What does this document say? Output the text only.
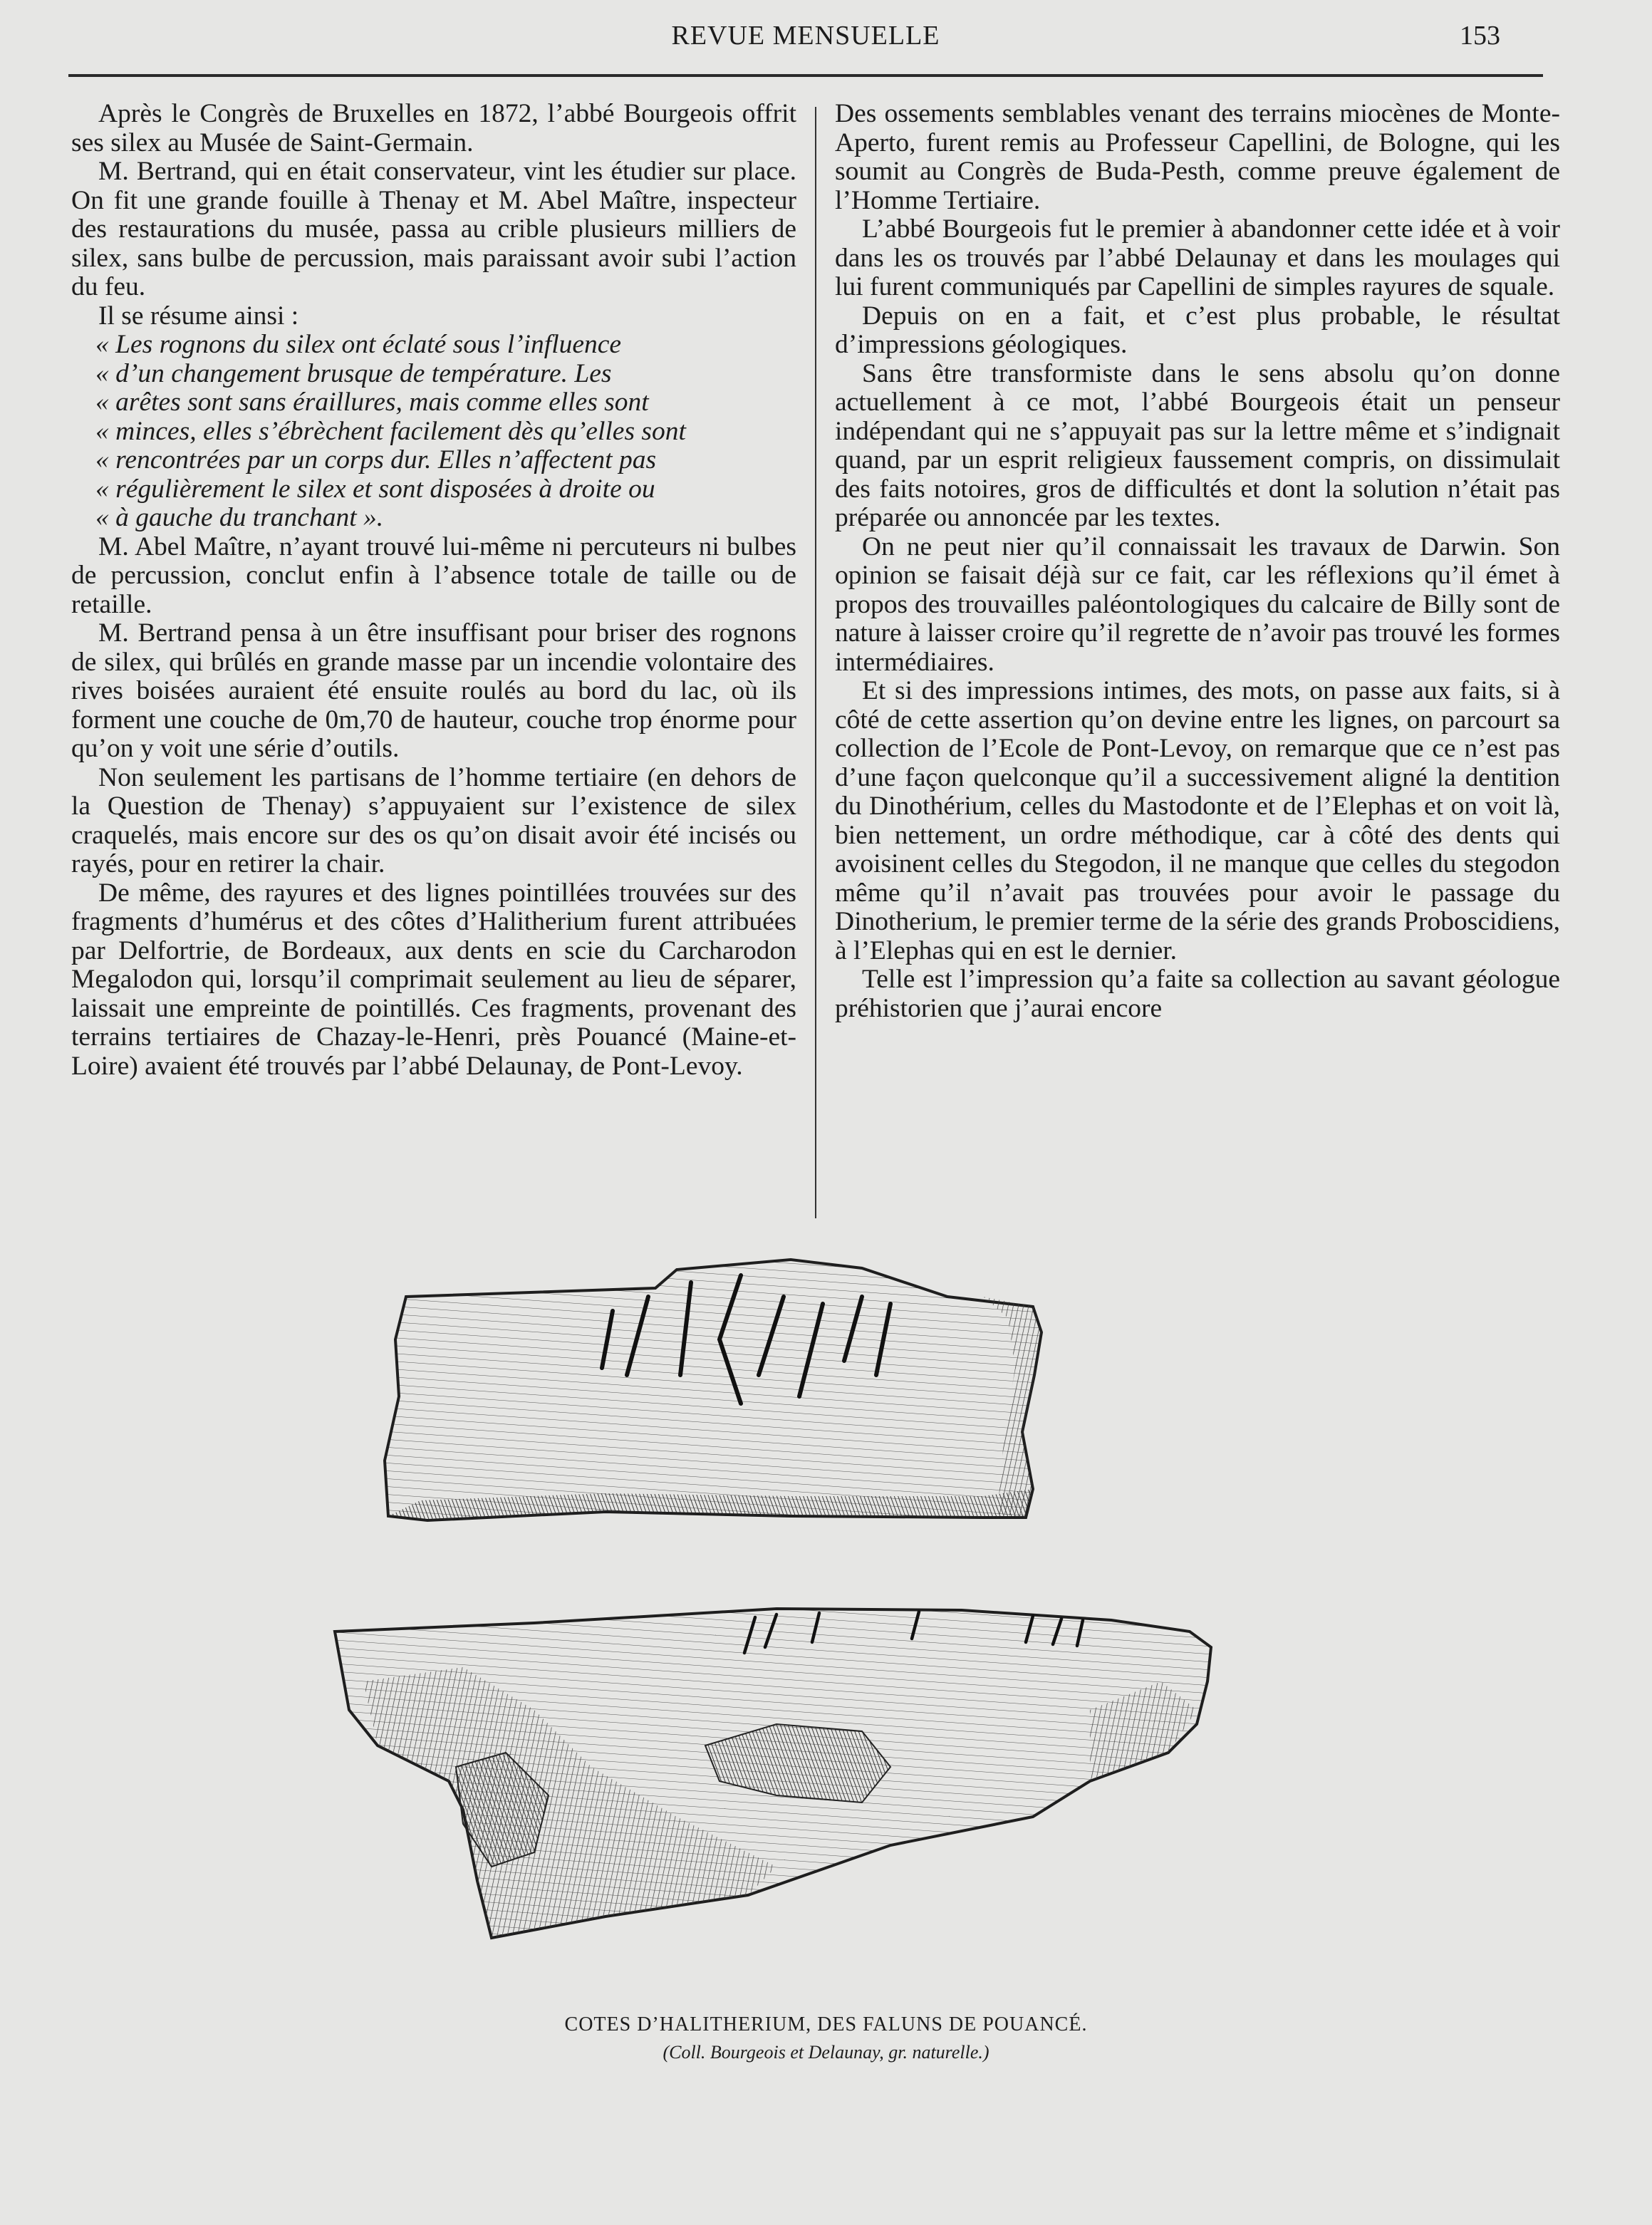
REVUE MENSUELLE	153

Après le Congrès de Bruxelles en 1872, l’abbé Bourgeois offrit ses silex au Musée de Saint-Germain.

M. Bertrand, qui en était conservateur, vint les étudier sur place. On fit une grande fouille à Thenay et M. Abel Maître, inspecteur des restaurations du musée, passa au crible plusieurs milliers de silex, sans bulbe de percussion, mais paraissant avoir subi l’action du feu.

Il se résume ainsi :

« Les rognons du silex ont éclaté sous l’influence

« d’un changement brusque de température. Les

« arêtes sont sans éraillures, mais comme elles sont

« minces, elles s’ébrèchent facilement dès qu’elles sont

« rencontrées par un corps dur. Elles n’affectent pas

« régulièrement le silex et sont disposées à droite ou

« à gauche du tranchant ».

M. Abel Maître, n’ayant trouvé lui-même ni percuteurs ni bulbes de percussion, conclut enfin à l’absence totale de taille ou de retaille.

M. Bertrand pensa à un être insuffisant pour briser des rognons de silex, qui brûlés en grande masse par un incendie volontaire des rives boisées auraient été ensuite roulés au bord du lac, où ils forment une couche de 0m,70 de hauteur, couche trop énorme pour qu’on y voit une série d’outils.

Non seulement les partisans de l’homme tertiaire (en dehors de la Question de Thenay) s’appuyaient sur l’existence de silex craquelés, mais encore sur des os qu’on disait avoir été incisés ou rayés, pour en retirer la chair.

De même, des rayures et des lignes pointillées trouvées sur des fragments d’humérus et des côtes d’Halitherium furent attribuées par Delfortrie, de Bordeaux, aux dents en scie du Carcharodon Megalodon qui, lorsqu’il comprimait seulement au lieu de séparer, laissait une empreinte de pointillés. Ces fragments, provenant des terrains tertiaires de Chazay-le-Henri, près Pouancé (Maine-et-Loire) avaient été trouvés par l’abbé Delaunay, de Pont-Levoy.

Des ossements semblables venant des terrains miocènes de Monte-Aperto, furent remis au Professeur Capellini, de Bologne, qui les soumit au Congrès de Buda-Pesth, comme preuve également de l’Homme Tertiaire.

L’abbé Bourgeois fut le premier à abandonner cette idée et à voir dans les os trouvés par l’abbé Delaunay et dans les moulages qui lui furent communiqués par Capellini de simples rayures de squale.

Depuis on en a fait, et c’est plus probable, le résultat d’impressions géologiques.

Sans être transformiste dans le sens absolu qu’on donne actuellement à ce mot, l’abbé Bourgeois était un penseur indépendant qui ne s’appuyait pas sur la lettre même et s’indignait quand, par un esprit religieux faussement compris, on dissimulait des faits notoires, gros de difficultés et dont la solution n’était pas préparée ou annoncée par les textes.

On ne peut nier qu’il connaissait les travaux de Darwin. Son opinion se faisait déjà sur ce fait, car les réflexions qu’il émet à propos des trouvailles paléontologiques du calcaire de Billy sont de nature à laisser croire qu’il regrette de n’avoir pas trouvé les formes intermédiaires.

Et si des impressions intimes, des mots, on passe aux faits, si à côté de cette assertion qu’on devine entre les lignes, on parcourt sa collection de l’Ecole de Pont-Levoy, on remarque que ce n’est pas d’une façon quelconque qu’il a successivement aligné la dentition du Dinothérium, celles du Mastodonte et de l’Elephas et on voit là, bien nettement, un ordre méthodique, car à côté des dents qui avoisinent celles du Stegodon, il ne manque que celles du stegodon même qu’il n’avait pas trouvées pour avoir le passage du Dinotherium, le premier terme de la série des grands Proboscidiens, à l’Elephas qui en est le dernier.

Telle est l’impression qu’a faite sa collection au savant géologue préhistorien que j’aurai encore

COTES D’HALITHERIUM, DES FALUNS DE POUANCÉ.
(Coll. Bourgeois et Delaunay, gr. naturelle.)
